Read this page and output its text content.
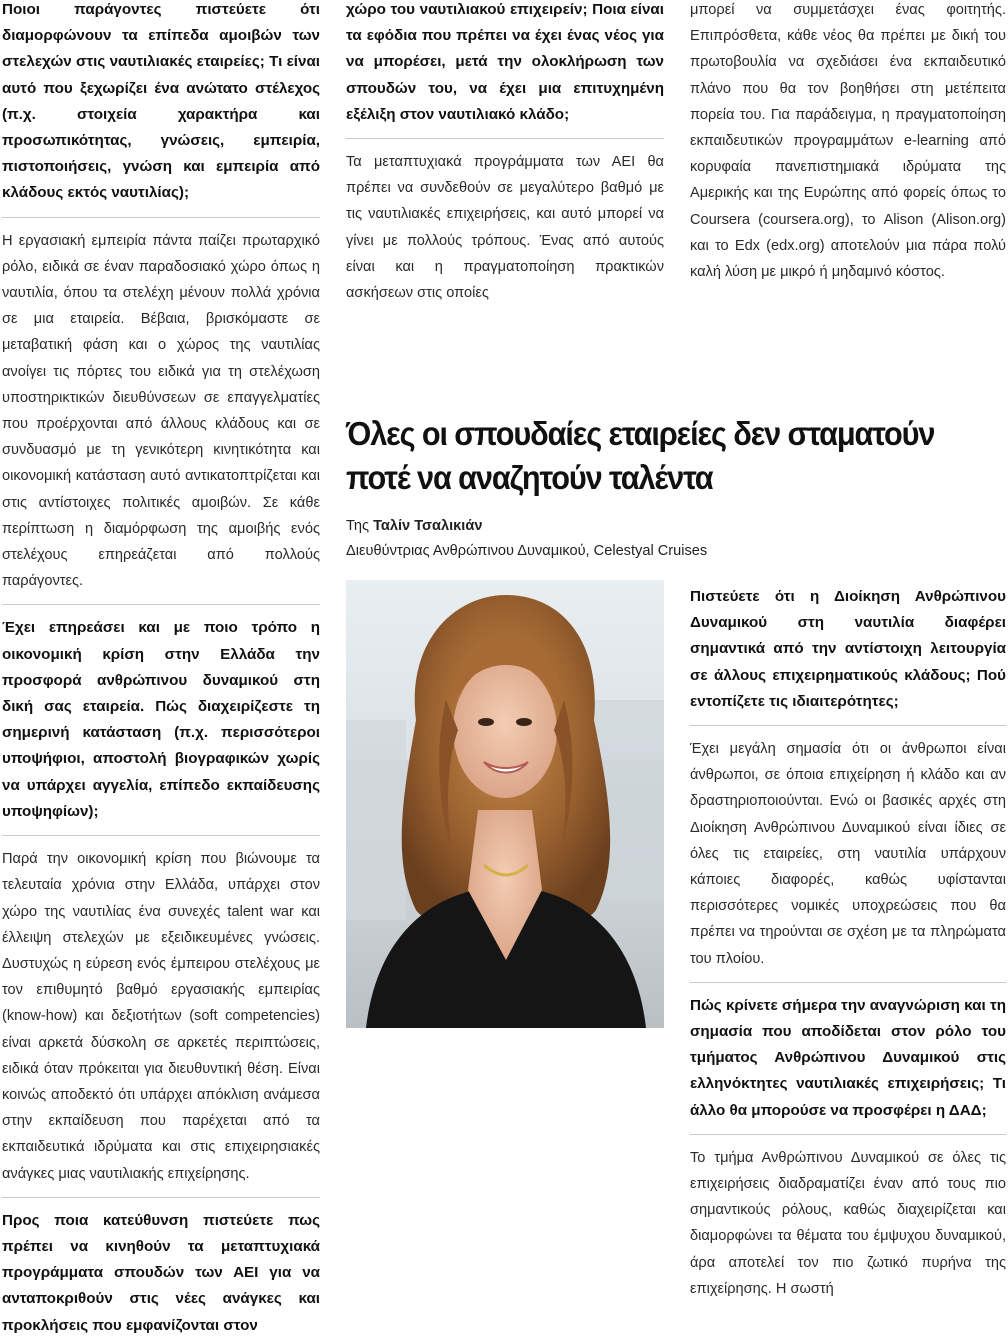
Ποιοι παράγοντες πιστεύετε ότι διαμορφώνουν τα επίπεδα αμοιβών των στελεχών στις ναυτιλιακές εταιρείες; Τι είναι αυτό που ξεχωρίζει ένα ανώτατο στέλεχος (π.χ. στοιχεία χαρακτήρα και προσωπικότητας, γνώσεις, εμπειρία, πιστοποιήσεις, γνώση και εμπειρία από κλάδους εκτός ναυτιλίας);

Η εργασιακή εμπειρία πάντα παίζει πρωταρχικό ρόλο, ειδικά σε έναν παραδοσιακό χώρο όπως η ναυτιλία, όπου τα στελέχη μένουν πολλά χρόνια σε μια εταιρεία. Βέβαια, βρισκόμαστε σε μεταβατική φάση και ο χώρος της ναυτιλίας ανοίγει τις πόρτες του ειδικά για τη στελέχωση υποστηρικτικών διευθύνσεων σε επαγγελματίες που προέρχονται από άλλους κλάδους και σε συνδυασμό με τη γενικότερη κινητικότητα και οικονομική κατάσταση αυτό αντικατοπτρίζεται και στις αντίστοιχες πολιτικές αμοιβών. Σε κάθε περίπτωση η διαμόρφωση της αμοιβής ενός στελέχους επηρεάζεται από πολλούς παράγοντες.

Έχει επηρεάσει και με ποιο τρόπο η οικονομική κρίση στην Ελλάδα την προσφορά ανθρώπινου δυναμικού στη δική σας εταιρεία. Πώς διαχειρίζεστε τη σημερινή κατάσταση (π.χ. περισσότεροι υποψήφιοι, αποστολή βιογραφικών χωρίς να υπάρχει αγγελία, επίπεδο εκπαίδευσης υποψηφίων);

Παρά την οικονομική κρίση που βιώνουμε τα τελευταία χρόνια στην Ελλάδα, υπάρχει στον χώρο της ναυτιλίας ένα συνεχές talent war και έλλειψη στελεχών με εξειδικευμένες γνώσεις. Δυστυχώς η εύρεση ενός έμπειρου στελέχους με τον επιθυμητό βαθμό εργασιακής εμπειρίας (know-how) και δεξιοτήτων (soft competencies) είναι αρκετά δύσκολη σε αρκετές περιπτώσεις, ειδικά όταν πρόκειται για διευθυντική θέση. Είναι κοινώς αποδεκτό ότι υπάρχει απόκλιση ανάμεσα στην εκπαίδευση που παρέχεται από τα εκπαιδευτικά ιδρύματα και στις επιχειρησιακές ανάγκες μιας ναυτιλιακής επιχείρησης.

Προς ποια κατεύθυνση πιστεύετε πως πρέπει να κινηθούν τα μεταπτυχιακά προγράμματα σπουδών των ΑΕΙ για να ανταποκριθούν στις νέες ανάγκες και προκλήσεις που εμφανίζονται στον

χώρο του ναυτιλιακού επιχειρείν; Ποια είναι τα εφόδια που πρέπει να έχει ένας νέος για να μπορέσει, μετά την ολοκλήρωση των σπουδών του, να έχει μια επιτυχημένη εξέλιξη στον ναυτιλιακό κλάδο;

Τα μεταπτυχιακά προγράμματα των ΑΕΙ θα πρέπει να συνδεθούν σε μεγαλύτερο βαθμό με τις ναυτιλιακές επιχειρήσεις, και αυτό μπορεί να γίνει με πολλούς τρόπους. Ένας από αυτούς είναι και η πραγματοποίηση πρακτικών ασκήσεων στις οποίες

μπορεί να συμμετάσχει ένας φοιτητής. Επιπρόσθετα, κάθε νέος θα πρέπει με δική του πρωτοβουλία να σχεδιάσει ένα εκπαιδευτικό πλάνο που θα τον βοηθήσει στη μετέπειτα πορεία του. Για παράδειγμα, η πραγματοποίηση εκπαιδευτικών προγραμμάτων e-learning από κορυφαία πανεπιστημιακά ιδρύματα της Αμερικής και της Ευρώπης από φορείς όπως το Coursera (coursera.org), το Alison (Alison.org) και το Edx (edx.org) αποτελούν μια πάρα πολύ καλή λύση με μικρό ή μηδαμινό κόστος.

Όλες οι σπουδαίες εταιρείες δεν σταματούν ποτέ να αναζητούν ταλέντα
Της Ταλίν Τσαλικιάν
Διευθύντριας Ανθρώπινου Δυναμικού, Celestyal Cruises

Πιστεύετε ότι η Διοίκηση Ανθρώπινου Δυναμικού στη ναυτιλία διαφέρει σημαντικά από την αντίστοιχη λειτουργία σε άλλους επιχειρηματικούς κλάδους; Πού εντοπίζετε τις ιδιαιτερότητες;

Έχει μεγάλη σημασία ότι οι άνθρωποι είναι άνθρωποι, σε όποια επιχείρηση ή κλάδο και αν δραστηριοποιούνται. Ενώ οι βασικές αρχές στη Διοίκηση Ανθρώπινου Δυναμικού είναι ίδιες σε όλες τις εταιρείες, στη ναυτιλία υπάρχουν κάποιες διαφορές, καθώς υφίστανται περισσότερες νομικές υποχρεώσεις που θα πρέπει να τηρούνται σε σχέση με τα πληρώματα του πλοίου.

Πώς κρίνετε σήμερα την αναγνώριση και τη σημασία που αποδίδεται στον ρόλο του τμήματος Ανθρώπινου Δυναμικού στις ελληνόκτητες ναυτιλιακές επιχειρήσεις; Τι άλλο θα μπορούσε να προσφέρει η ΔΑΔ;

Το τμήμα Ανθρώπινου Δυναμικού σε όλες τις επιχειρήσεις διαδραματίζει έναν από τους πιο σημαντικούς ρόλους, καθώς διαχειρίζεται και διαμορφώνει τα θέματα του έμψυχου δυναμικού, άρα αποτελεί τον πιο ζωτικό πυρήνα της επιχείρησης. Η σωστή
